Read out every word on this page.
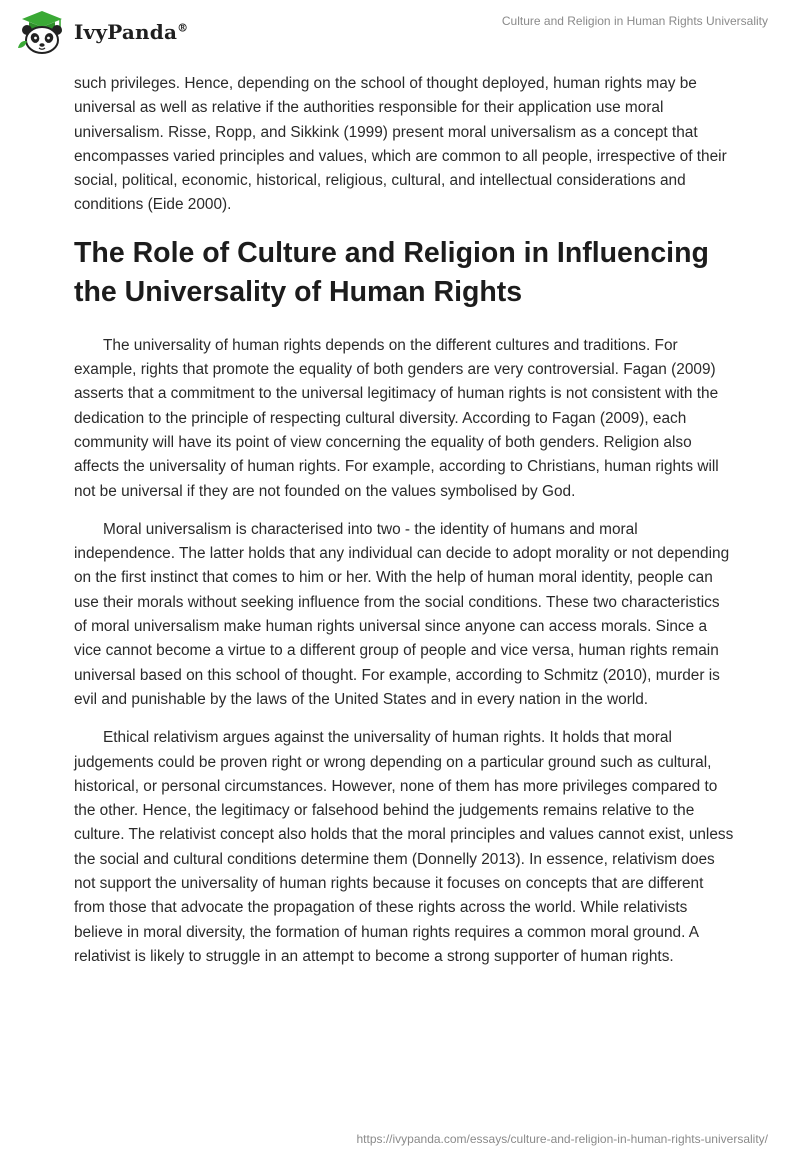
IvyPanda®	Culture and Religion in Human Rights Universality

such privileges. Hence, depending on the school of thought deployed, human rights may be universal as well as relative if the authorities responsible for their application use moral universalism. Risse, Ropp, and Sikkink (1999) present moral universalism as a concept that encompasses varied principles and values, which are common to all people, irrespective of their social, political, economic, historical, religious, cultural, and intellectual considerations and conditions (Eide 2000).

The Role of Culture and Religion in Influencing the Universality of Human Rights

The universality of human rights depends on the different cultures and traditions. For example, rights that promote the equality of both genders are very controversial. Fagan (2009) asserts that a commitment to the universal legitimacy of human rights is not consistent with the dedication to the principle of respecting cultural diversity. According to Fagan (2009), each community will have its point of view concerning the equality of both genders. Religion also affects the universality of human rights. For example, according to Christians, human rights will not be universal if they are not founded on the values symbolised by God.

Moral universalism is characterised into two - the identity of humans and moral independence. The latter holds that any individual can decide to adopt morality or not depending on the first instinct that comes to him or her. With the help of human moral identity, people can use their morals without seeking influence from the social conditions. These two characteristics of moral universalism make human rights universal since anyone can access morals. Since a vice cannot become a virtue to a different group of people and vice versa, human rights remain universal based on this school of thought. For example, according to Schmitz (2010), murder is evil and punishable by the laws of the United States and in every nation in the world.

Ethical relativism argues against the universality of human rights. It holds that moral judgements could be proven right or wrong depending on a particular ground such as cultural, historical, or personal circumstances. However, none of them has more privileges compared to the other. Hence, the legitimacy or falsehood behind the judgements remains relative to the culture. The relativist concept also holds that the moral principles and values cannot exist, unless the social and cultural conditions determine them (Donnelly 2013). In essence, relativism does not support the universality of human rights because it focuses on concepts that are different from those that advocate the propagation of these rights across the world. While relativists believe in moral diversity, the formation of human rights requires a common moral ground. A relativist is likely to struggle in an attempt to become a strong supporter of human rights.

https://ivypanda.com/essays/culture-and-religion-in-human-rights-universality/
